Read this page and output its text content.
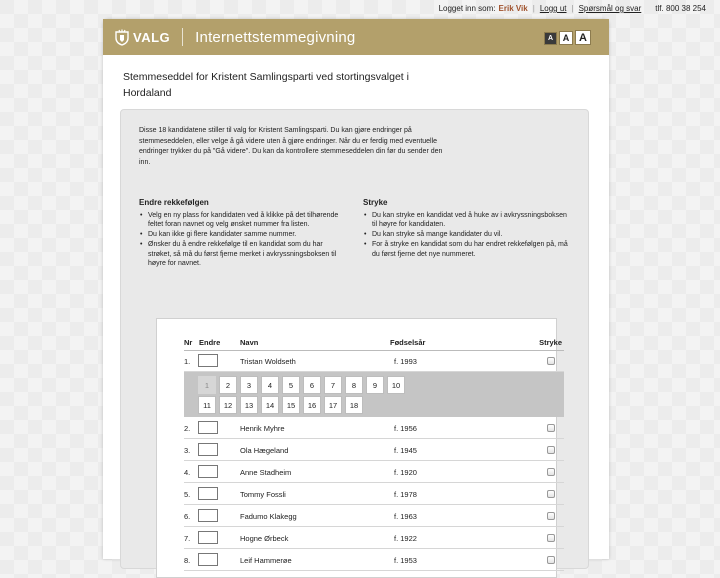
Logget inn som: Erik Vik | Logg ut | Spørsmål og svar tlf. 800 38 254
VALG Internettstemmegivning	A	A A
Stemmeseddel for Kristent Samlingsparti ved stortingsvalget i Hordaland

Disse 18 kandidatene stiller til valg for Kristent Samlingsparti. Du kan gjøre endringer på stemmeseddelen, eller velge å gå videre uten å gjøre endringer. Når du er ferdig med eventuelle endringer trykker du på "Gå videre". Du kan da kontrollere stemmeseddelen din før du sender den inn.

Endre rekkefølgen
• Velg en ny plass for kandidaten ved å klikke på det tilhørende feltet foran navnet og velg ønsket nummer fra listen.
• Du kan ikke gi flere kandidater samme nummer.
• Ønsker du å endre rekkefølge til en kandidat som du har strøket, så må du først fjerne merket i avkryssningsboksen til høyre for navnet.
Stryke
• Du kan stryke en kandidat ved å huke av i avkryssningsboksen til høyre for kandidaten.
• Du kan stryke så mange kandidater du vil.
• For å stryke en kandidat som du har endret rekkefølgen på, må du først fjerne det nye nummeret.
Nr Endre	Navn	Fødselsår	Stryke
1.	Tristan Woldseth	f. 1993
1	2	3	4	5	6	7	8	9	10
11	12	13	14	15	16	17	18
2.	Henrik Myhre	f. 1956
3.	Ola Hægeland	f. 1945
4.	Anne Stadheim	f. 1920
5.	Tommy Fossli	f. 1978
6.	Fadumo Klakegg	f. 1963
7.	Hogne Ørbeck	f. 1922
8.	Leif Hammerøe	f. 1953
